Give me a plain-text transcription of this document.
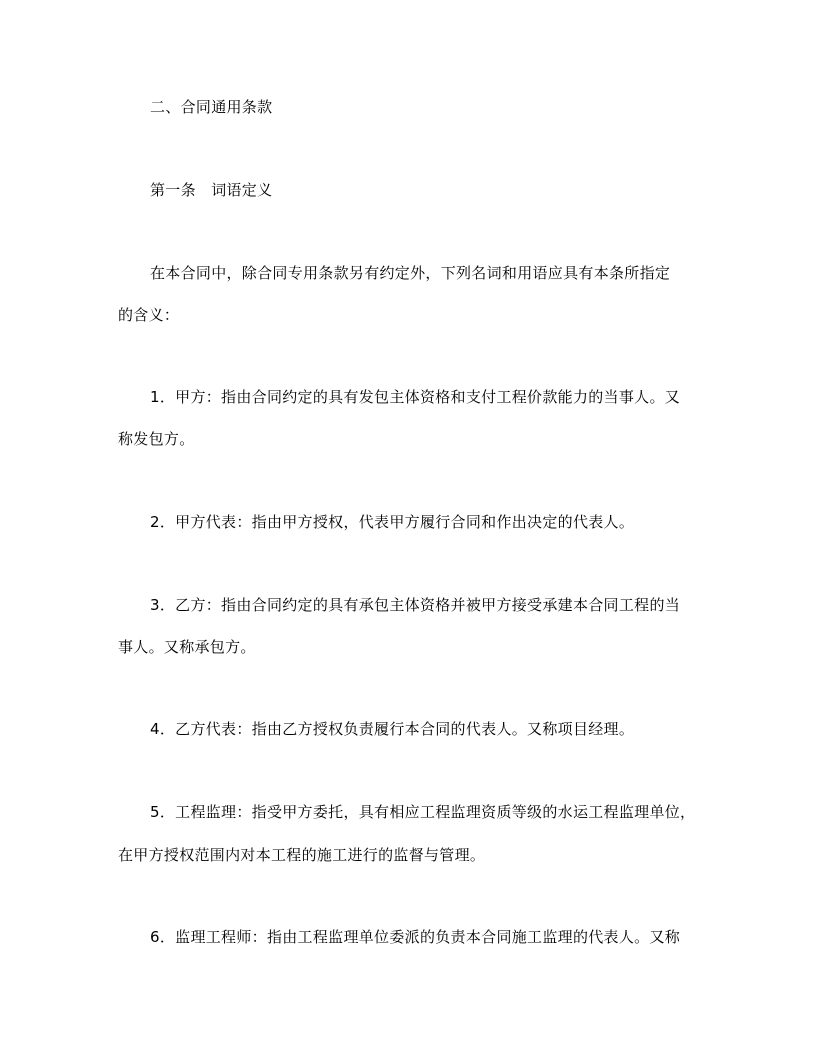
二、合同通用条款
第一条　词语定义
在本合同中，除合同专用条款另有约定外，下列名词和用语应具有本条所指定
的含义：
1．甲方：指由合同约定的具有发包主体资格和支付工程价款能力的当事人。又
称发包方。
2．甲方代表：指由甲方授权，代表甲方履行合同和作出决定的代表人。
3．乙方：指由合同约定的具有承包主体资格并被甲方接受承建本合同工程的当
事人。又称承包方。
4．乙方代表：指由乙方授权负责履行本合同的代表人。又称项目经理。
5．工程监理：指受甲方委托，具有相应工程监理资质等级的水运工程监理单位，
在甲方授权范围内对本工程的施工进行的监督与管理。
6．监理工程师：指由工程监理单位委派的负责本合同施工监理的代表人。又称
